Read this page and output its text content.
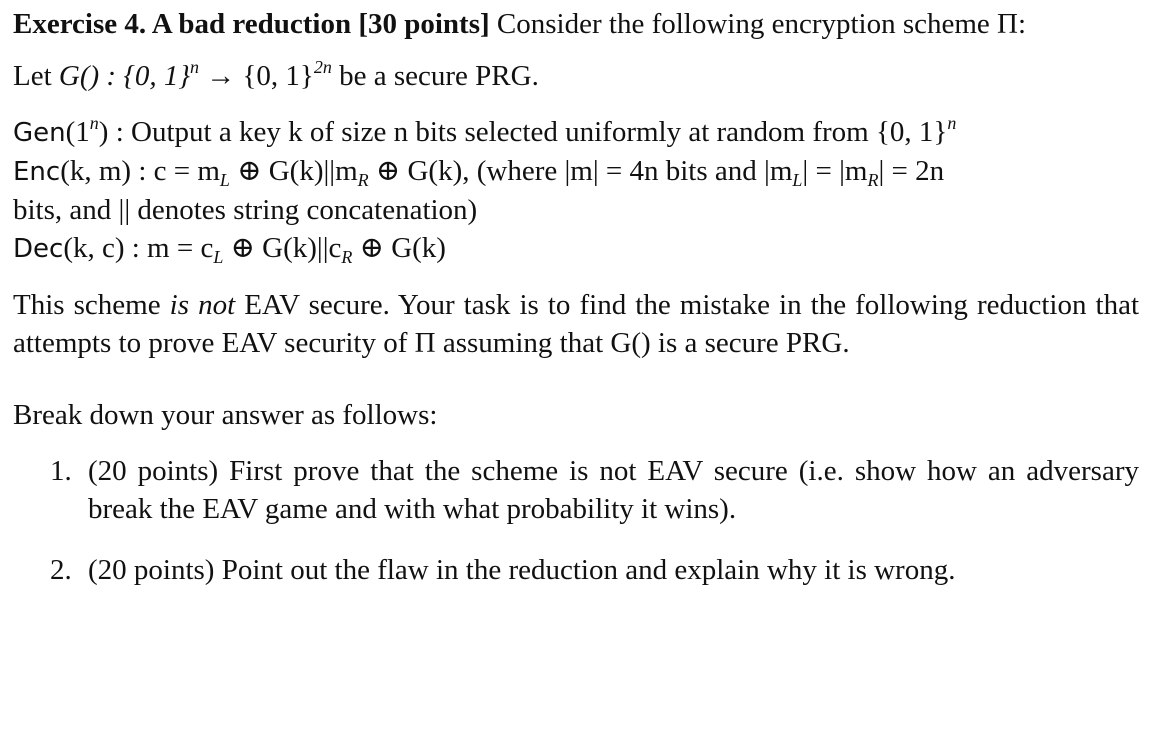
Exercise 4. A bad reduction [30 points] Consider the following encryption scheme Π:

Let G() : {0, 1}$^n$ → {0, 1}$^{2n}$ be a secure PRG.

Gen(1$^n$) : Output a key k of size n bits selected uniformly at random from {0, 1}$^n$

Enc(k, m) : $c = m_L$ ⊕ $G(k)||m_R$ ⊕ G(k), (where |m| = 4n bits and $|m_L| = |m_R| = 2n$

bits, and || denotes string concatenation)

Dec(k, c) : $m = c_L$ ⊕ $G(k)||c_R$ ⊕ G(k)

This scheme is not EAV secure. Your task is to find the mistake in the following reduction that attempts to prove EAV security of Π assuming that G() is a secure PRG.

Break down your answer as follows:

1. (20 points) First prove that the scheme is not EAV secure (i.e. show how an adversary break the EAV game and with what probability it wins).
2. (20 points) Point out the flaw in the reduction and explain why it is wrong.
